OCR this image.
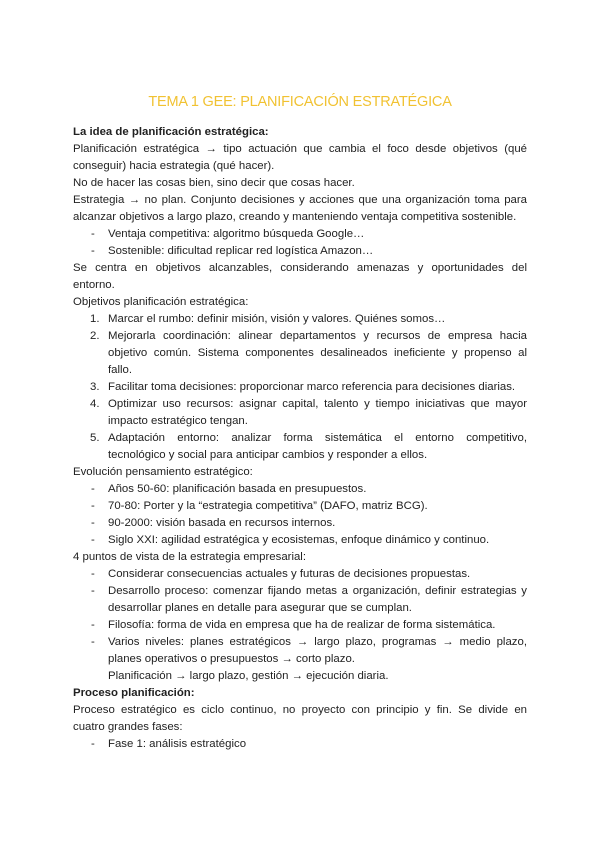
TEMA 1 GEE: PLANIFICACIÓN ESTRATÉGICA
La idea de planificación estratégica:
Planificación estratégica → tipo actuación que cambia el foco desde objetivos (qué
conseguir) hacia estrategia (qué hacer).
No de hacer las cosas bien, sino decir que cosas hacer.
Estrategia → no plan. Conjunto decisiones y acciones que una organización toma para
alcanzar objetivos a largo plazo, creando y manteniendo ventaja competitiva sostenible.
- Ventaja competitiva: algoritmo búsqueda Google…
- Sostenible: dificultad replicar red logística Amazon…
Se centra en objetivos alcanzables, considerando amenazas y oportunidades del
entorno.
Objetivos planificación estratégica:
1. Marcar el rumbo: definir misión, visión y valores. Quiénes somos…
2. Mejorarla coordinación: alinear departamentos y recursos de empresa hacia
objetivo común. Sistema componentes desalineados ineficiente y propenso al
fallo.
3. Facilitar toma decisiones: proporcionar marco referencia para decisiones diarias.
4. Optimizar uso recursos: asignar capital, talento y tiempo iniciativas que mayor
impacto estratégico tengan.
5. Adaptación entorno: analizar forma sistemática el entorno competitivo,
tecnológico y social para anticipar cambios y responder a ellos.
Evolución pensamiento estratégico:
- Años 50-60: planificación basada en presupuestos.
- 70-80: Porter y la “estrategia competitiva” (DAFO, matriz BCG).
- 90-2000: visión basada en recursos internos.
- Siglo XXI: agilidad estratégica y ecosistemas, enfoque dinámico y continuo.
4 puntos de vista de la estrategia empresarial:
- Considerar consecuencias actuales y futuras de decisiones propuestas.
- Desarrollo proceso: comenzar fijando metas a organización, definir estrategias y
desarrollar planes en detalle para asegurar que se cumplan.
- Filosofía: forma de vida en empresa que ha de realizar de forma sistemática.
- Varios niveles: planes estratégicos → largo plazo, programas → medio plazo,
planes operativos o presupuestos → corto plazo.
Planificación → largo plazo, gestión → ejecución diaria.
Proceso planificación:
Proceso estratégico es ciclo continuo, no proyecto con principio y fin. Se divide en
cuatro grandes fases:
- Fase 1: análisis estratégico
